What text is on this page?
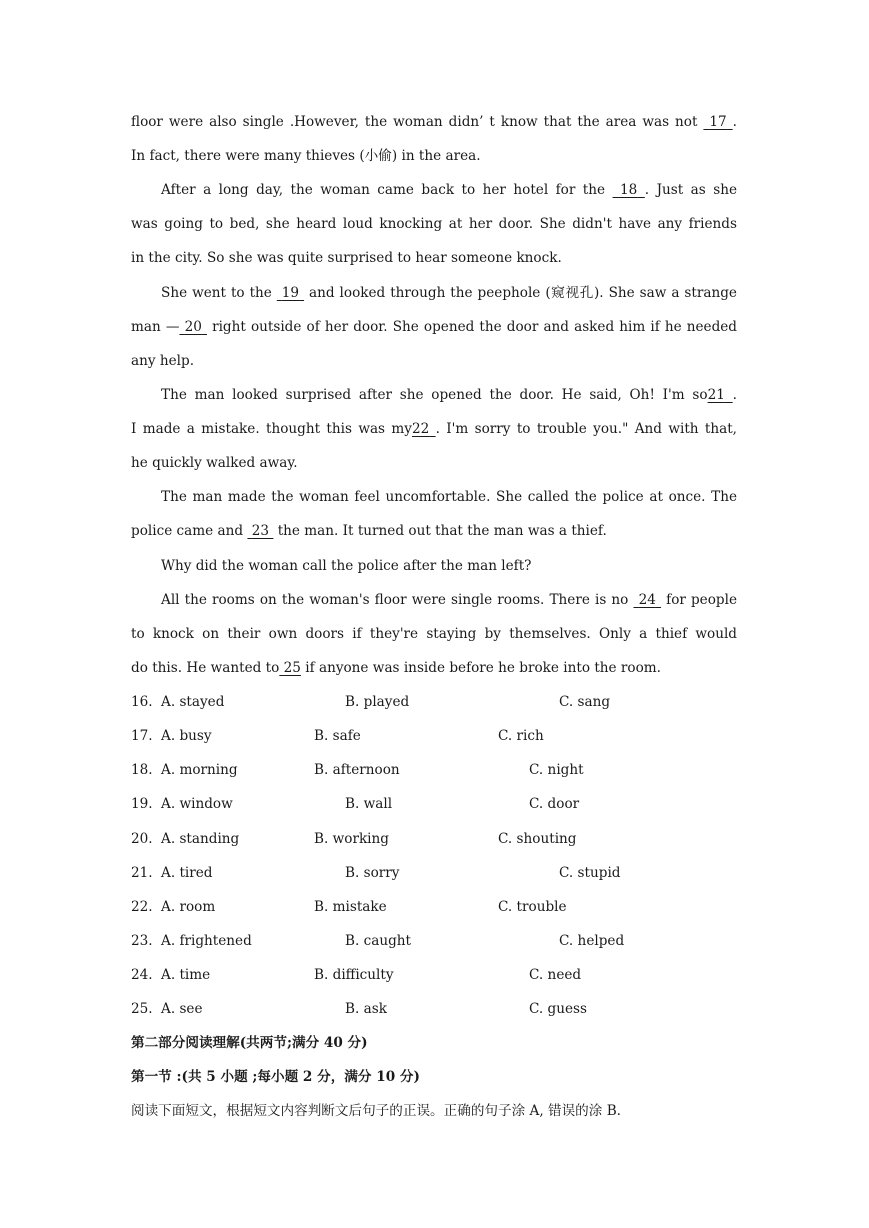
floor were also single .However, the woman didn’ t know that the area was not  17 .
In fact, there were many thieves (小偷) in the area.
After a long day, the woman came back to her hotel for the  18 . Just as she
was going to bed, she heard loud knocking at her door. She didn't have any friends
in the city. So she was quite surprised to hear someone knock.
She went to the  19  and looked through the peephole (窥视孔). She saw a strange
man — 20  right outside of her door. She opened the door and asked him if he needed
any help.
The man looked surprised after she opened the door. He said, Oh! I'm so21 .
I made a mistake. thought this was my22 . I'm sorry to trouble you." And with that,
he quickly walked away.
The man made the woman feel uncomfortable. She called the police at once. The
police came and  23  the man. It turned out that the man was a thief.
Why did the woman call the police after the man left?
All the rooms on the woman's floor were single rooms. There is no  24  for people
to knock on their own doors if they're staying by themselves. Only a thief would
do this. He wanted to 25 if anyone was inside before he broke into the room.
16. A. stayed	B. played	C. sang
17. A. busy	B. safe	C. rich
18. A. morning	B. afternoon	C. night
19. A. window	B. wall	C. door
20. A. standing	B. working	C. shouting
21. A. tired	B. sorry	C. stupid
22. A. room	B. mistake	C. trouble
23. A. frightened	B. caught	C. helped
24. A. time	B. difficulty	C. need
25. A. see	B. ask	C. guess
第二部分阅读理解(共两节;满分 40 分)
第一节 :(共 5 小题 ;每小题 2 分，满分 10 分)
阅读下面短文，根据短文内容判断文后句子的正误。正确的句子涂 A, 错误的涂 B.
